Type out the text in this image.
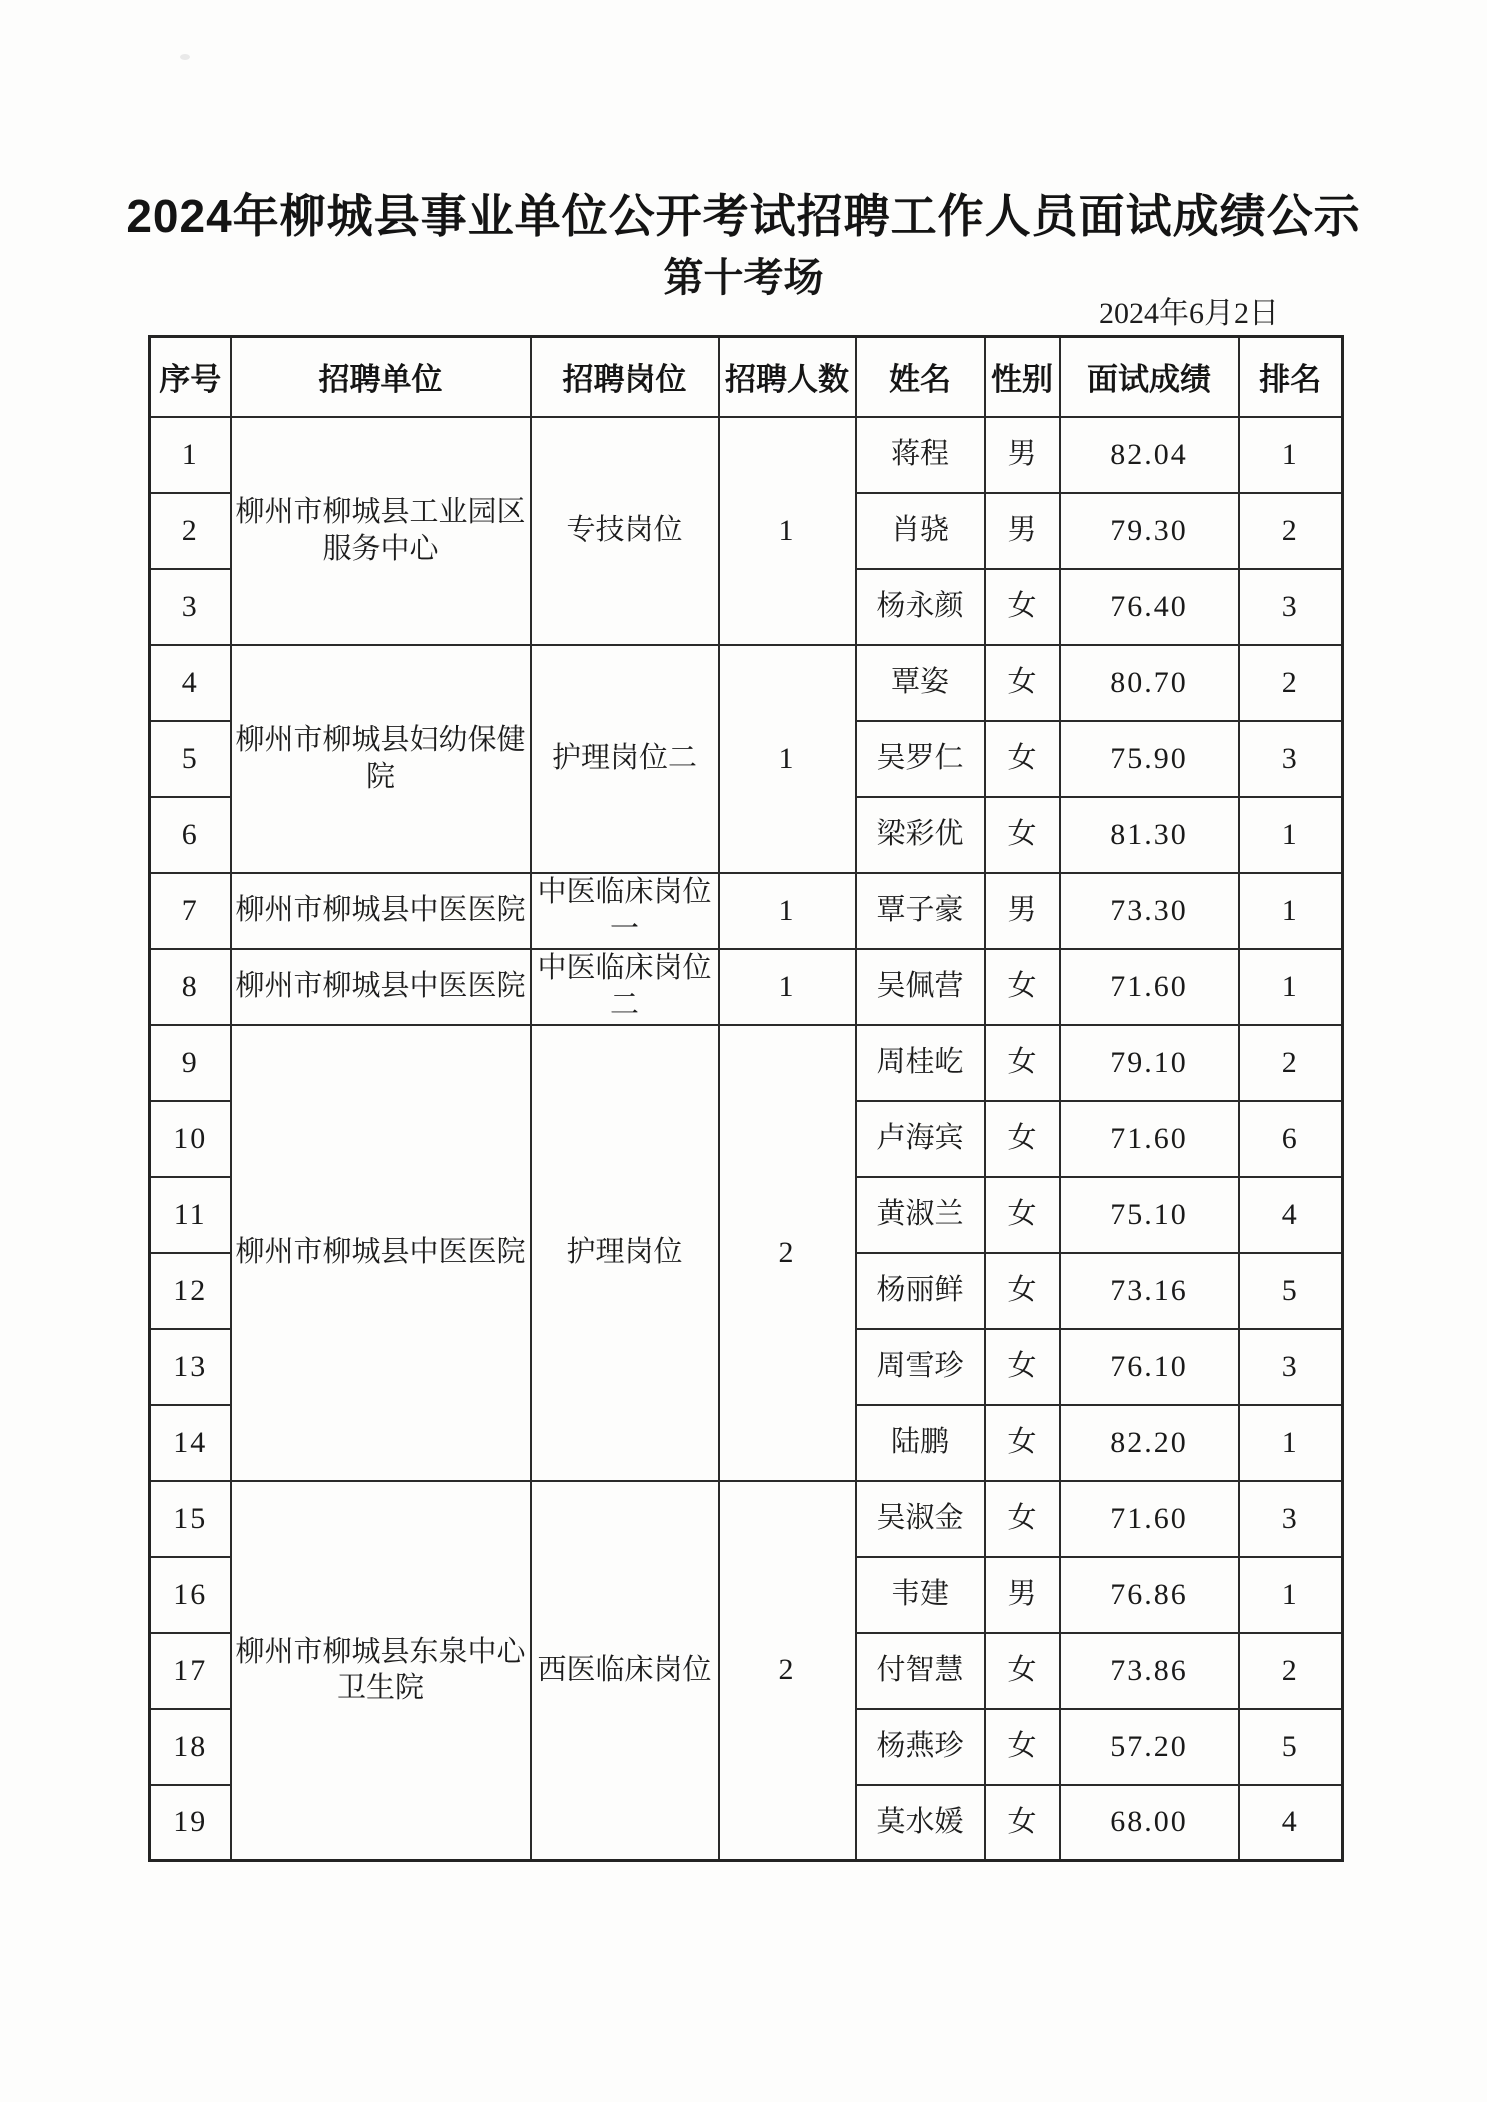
2024年柳城县事业单位公开考试招聘工作人员面试成绩公示
第十考场
2024年6月2日
序号	招聘单位	招聘岗位	招聘人数	姓名	性别	面试成绩	排名
1	柳州市柳城县工业园区服务中心	专技岗位	1	蒋程	男	82.04	1
2				肖骁	男	79.30	2
3				杨永颜	女	76.40	3
4	柳州市柳城县妇幼保健院	护理岗位二	1	覃姿	女	80.70	2
5				吴罗仁	女	75.90	3
6				梁彩优	女	81.30	1
7	柳州市柳城县中医医院	中医临床岗位一	1	覃子豪	男	73.30	1
8	柳州市柳城县中医医院	中医临床岗位二	1	吴佩营	女	71.60	1
9	柳州市柳城县中医医院	护理岗位	2	周桂屹	女	79.10	2
10				卢海宾	女	71.60	6
11				黄淑兰	女	75.10	4
12				杨丽鲜	女	73.16	5
13				周雪珍	女	76.10	3
14				陆鹏	女	82.20	1
15	柳州市柳城县东泉中心卫生院	西医临床岗位	2	吴淑金	女	71.60	3
16				韦建	男	76.86	1
17				付智慧	女	73.86	2
18				杨燕珍	女	57.20	5
19				莫水媛	女	68.00	4
